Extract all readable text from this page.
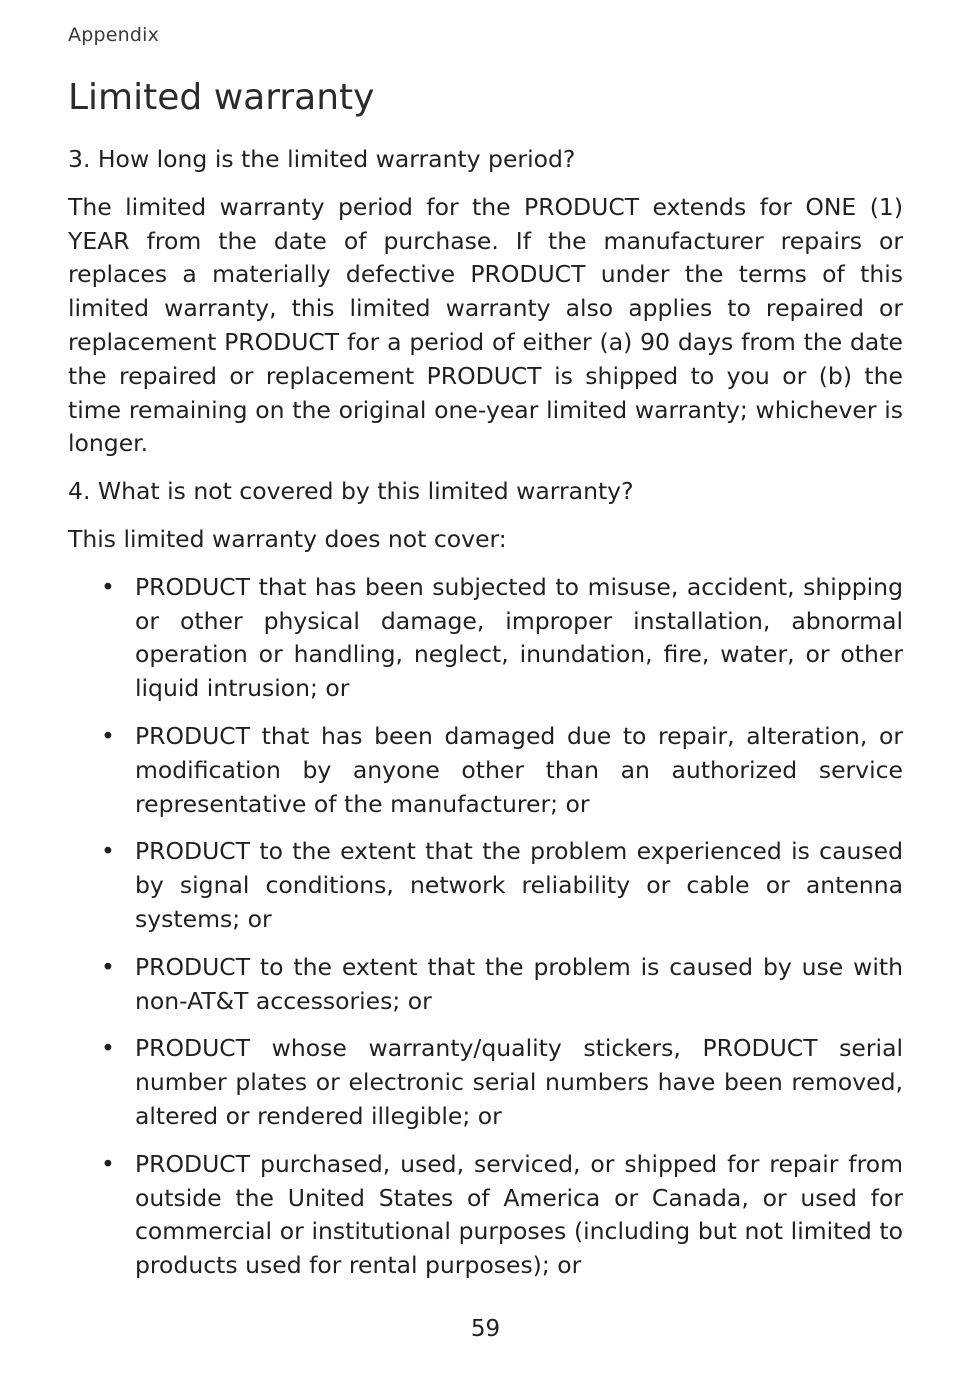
Appendix
Limited warranty

3. How long is the limited warranty period?

The limited warranty period for the PRODUCT extends for ONE (1) YEAR from the date of purchase. If the manufacturer repairs or replaces a materially defective PRODUCT under the terms of this limited warranty, this limited warranty also applies to repaired or replacement PRODUCT for a period of either (a) 90 days from the date the repaired or replacement PRODUCT is shipped to you or (b) the time remaining on the original one-year limited warranty; whichever is longer.

4. What is not covered by this limited warranty?

This limited warranty does not cover:

• PRODUCT that has been subjected to misuse, accident, shipping or other physical damage, improper installation, abnormal operation or handling, neglect, inundation, fire, water, or other liquid intrusion; or
• PRODUCT that has been damaged due to repair, alteration, or modification by anyone other than an authorized service representative of the manufacturer; or
• PRODUCT to the extent that the problem experienced is caused by signal conditions, network reliability or cable or antenna systems; or
• PRODUCT to the extent that the problem is caused by use with non-AT&T accessories; or
• PRODUCT whose warranty/quality stickers, PRODUCT serial number plates or electronic serial numbers have been removed, altered or rendered illegible; or
• PRODUCT purchased, used, serviced, or shipped for repair from outside the United States of America or Canada, or used for commercial or institutional purposes (including but not limited to products used for rental purposes); or
59
